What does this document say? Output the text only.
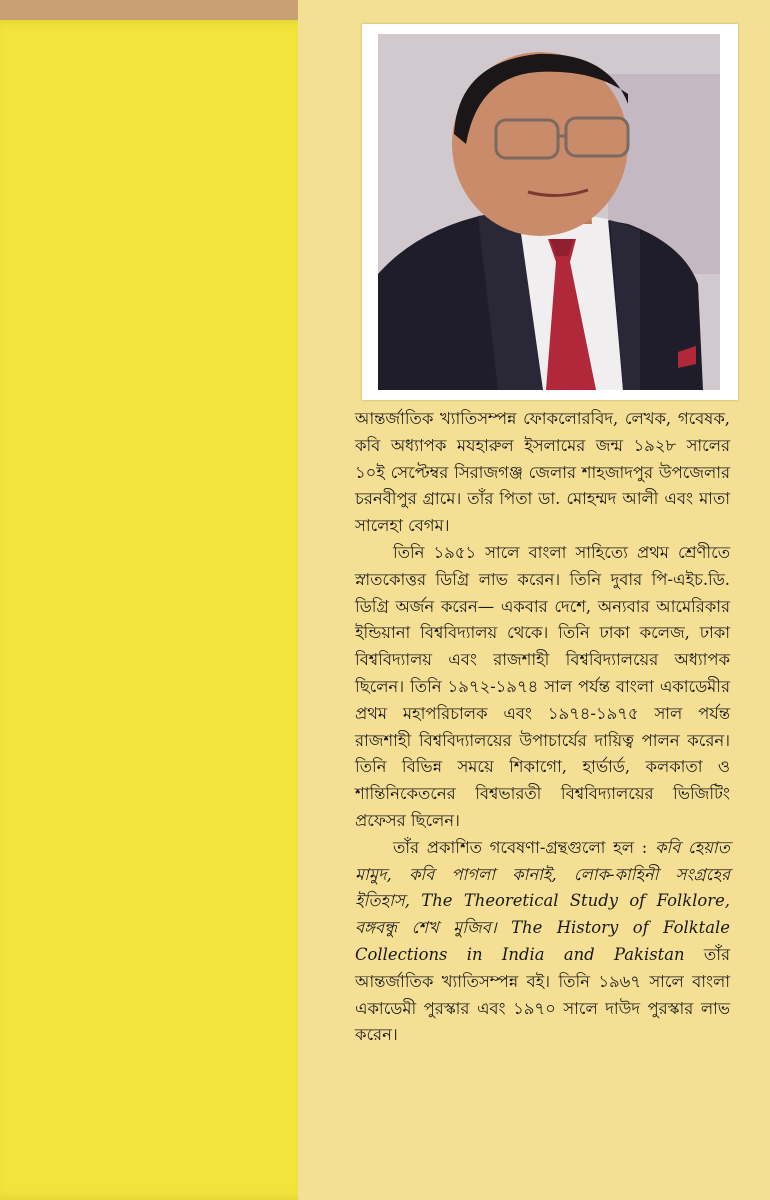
আন্তর্জাতিক খ্যাতিসম্পন্ন ফোকলোরবিদ, লেখক, গবেষক, কবি অধ্যাপক মযহারুল ইসলামের জন্ম ১৯২৮ সালের ১০ই সেপ্টেম্বর সিরাজগঞ্জ জেলার শাহজাদপুর উপজেলার চরনবীপুর গ্রামে। তাঁর পিতা ডা. মোহম্মদ আলী এবং মাতা সালেহা বেগম।

তিনি ১৯৫১ সালে বাংলা সাহিত্যে প্রথম শ্রেণীতে স্নাতকোত্তর ডিগ্রি লাভ করেন। তিনি দুবার পি-এইচ.ডি. ডিগ্রি অর্জন করেন— একবার দেশে, অন্যবার আমেরিকার ইন্ডিয়ানা বিশ্ববিদ্যালয় থেকে। তিনি ঢাকা কলেজ, ঢাকা বিশ্ববিদ্যালয় এবং রাজশাহী বিশ্ববিদ্যালয়ের অধ্যাপক ছিলেন। তিনি ১৯৭২-১৯৭৪ সাল পর্যন্ত বাংলা একাডেমীর প্রথম মহাপরিচালক এবং ১৯৭৪-১৯৭৫ সাল পর্যন্ত রাজশাহী বিশ্ববিদ্যালয়ের উপাচার্যের দায়িত্ব পালন করেন। তিনি বিভিন্ন সময়ে শিকাগো, হার্ভার্ড, কলকাতা ও শান্তিনিকেতনের বিশ্বভারতী বিশ্ববিদ্যালয়ের ভিজিটিং প্রফেসর ছিলেন।

তাঁর প্রকাশিত গবেষণা-গ্রন্থগুলো হল : কবি হেয়াত মামুদ, কবি পাগলা কানাই, লোক-কাহিনী সংগ্রহের ইতিহাস, The Theoretical Study of Folklore, বঙ্গবন্ধু শেখ মুজিব। The History of Folktale Collections in India and Pakistan তাঁর আন্তর্জাতিক খ্যাতিসম্পন্ন বই। তিনি ১৯৬৭ সালে বাংলা একাডেমী পুরস্কার এবং ১৯৭০ সালে দাউদ পুরস্কার লাভ করেন।
